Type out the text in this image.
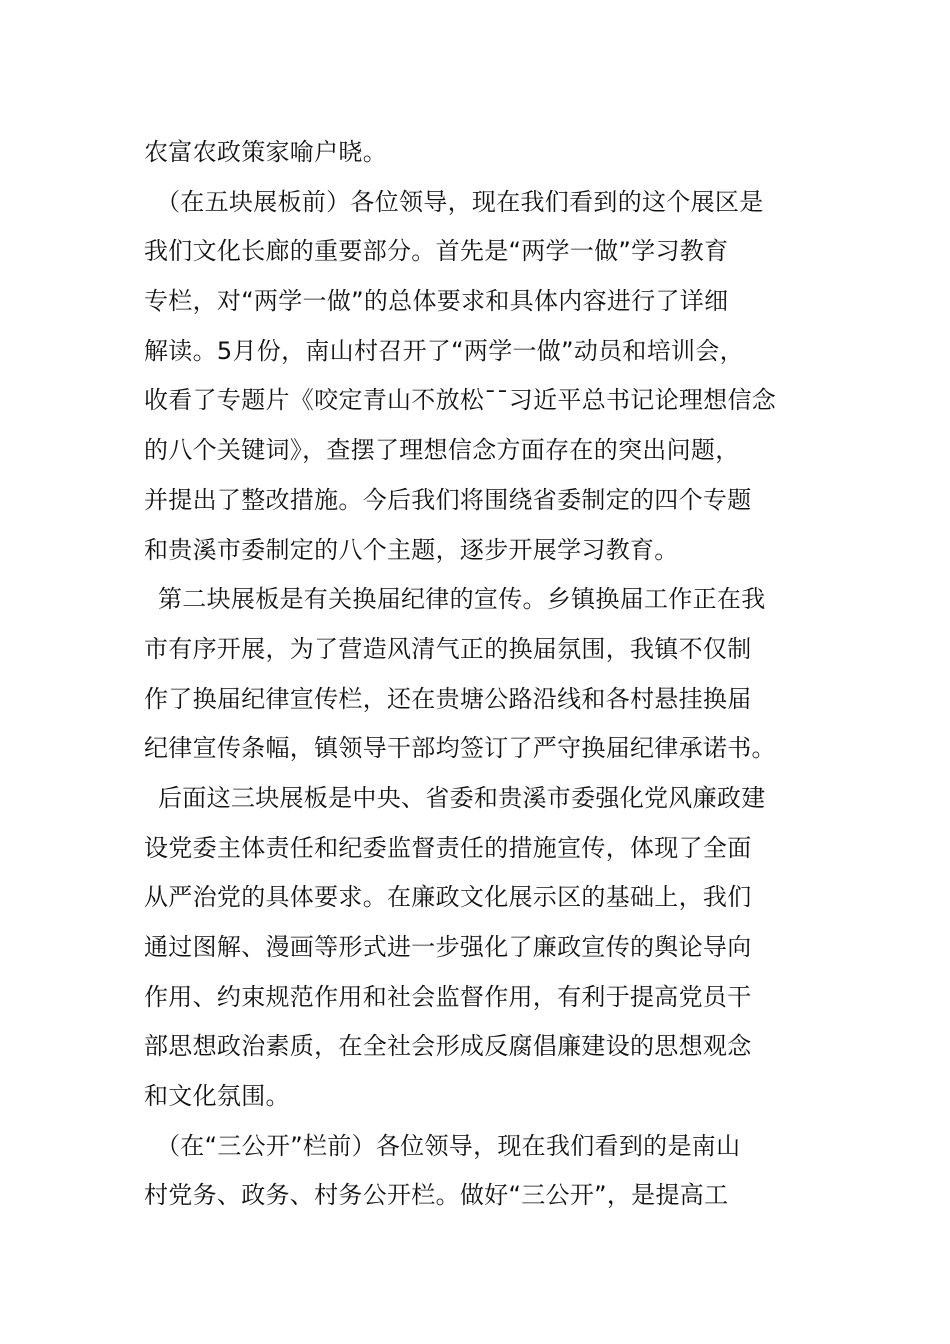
农富农政策家喻户晓。
（在五块展板前）各位领导，现在我们看到的这个展区是
我们文化长廊的重要部分。首先是“两学一做”学习教育
专栏，对“两学一做”的总体要求和具体内容进行了详细
解读。5月份，南山村召开了“两学一做”动员和培训会，
收看了专题片《咬定青山不放松¯¯习近平总书记论理想信念
的八个关键词》，查摆了理想信念方面存在的突出问题，
并提出了整改措施。今后我们将围绕省委制定的四个专题
和贵溪市委制定的八个主题，逐步开展学习教育。
第二块展板是有关换届纪律的宣传。乡镇换届工作正在我
市有序开展，为了营造风清气正的换届氛围，我镇不仅制
作了换届纪律宣传栏，还在贵塘公路沿线和各村悬挂换届
纪律宣传条幅，镇领导干部均签订了严守换届纪律承诺书。
后面这三块展板是中央、省委和贵溪市委强化党风廉政建
设党委主体责任和纪委监督责任的措施宣传，体现了全面
从严治党的具体要求。在廉政文化展示区的基础上，我们
通过图解、漫画等形式进一步强化了廉政宣传的舆论导向
作用、约束规范作用和社会监督作用，有利于提高党员干
部思想政治素质，在全社会形成反腐倡廉建设的思想观念
和文化氛围。
（在“三公开”栏前）各位领导，现在我们看到的是南山
村党务、政务、村务公开栏。做好“三公开”，是提高工
